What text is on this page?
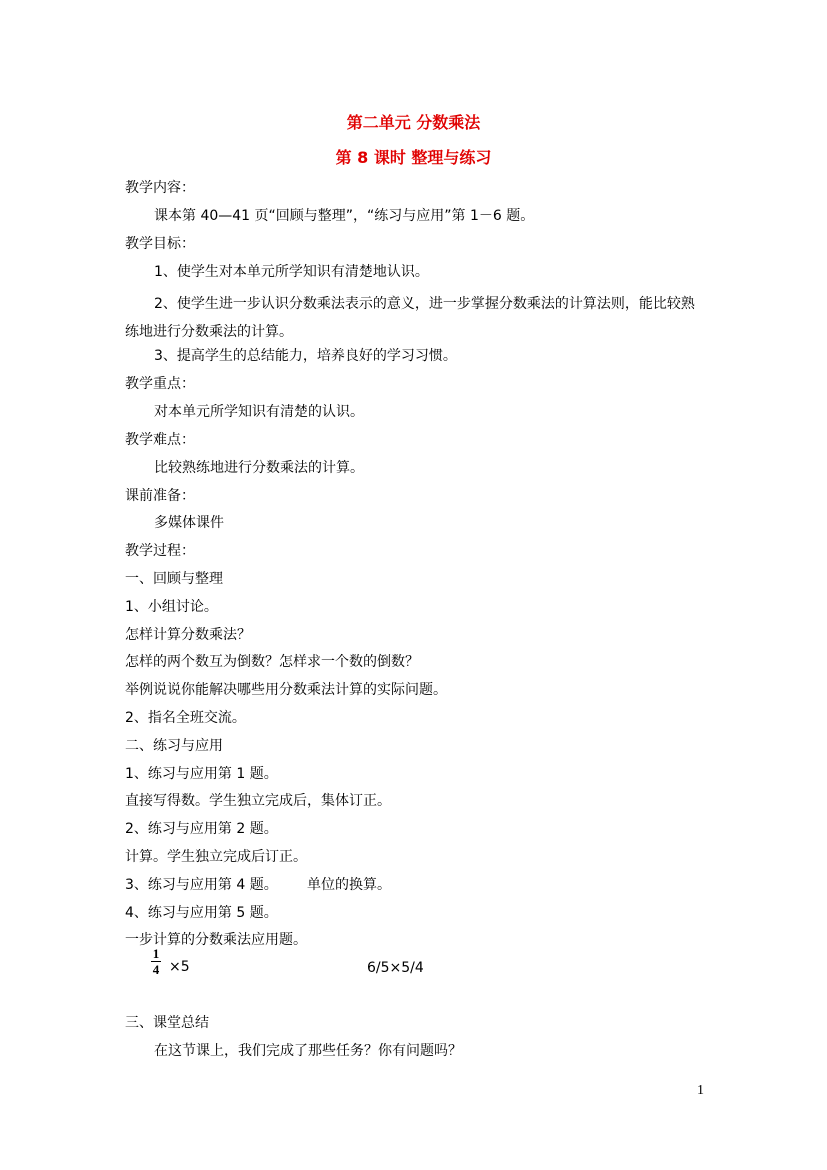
第二单元 分数乘法
第 8 课时 整理与练习
教学内容：
课本第 40—41 页“回顾与整理”，“练习与应用”第 1－6 题。
教学目标：
1、使学生对本单元所学知识有清楚地认识。
2、使学生进一步认识分数乘法表示的意义，进一步掌握分数乘法的计算法则，能比较熟练地进行分数乘法的计算。
3、提高学生的总结能力，培养良好的学习习惯。
教学重点：
对本单元所学知识有清楚的认识。
教学难点：
比较熟练地进行分数乘法的计算。
课前准备：
多媒体课件
教学过程：
一、回顾与整理
1、小组讨论。
怎样计算分数乘法？
怎样的两个数互为倒数？怎样求一个数的倒数？
举例说说你能解决哪些用分数乘法计算的实际问题。
2、指名全班交流。
二、练习与应用
1、练习与应用第 1 题。
直接写得数。学生独立完成后，集体订正。
2、练习与应用第 2 题。
计算。学生独立完成后订正。
3、练习与应用第 4 题。 单位的换算。
4、练习与应用第 5 题。
一步计算的分数乘法应用题。
1
4 ×5	6/5×5/4
三、课堂总结
在这节课上，我们完成了那些任务？你有问题吗？
1
